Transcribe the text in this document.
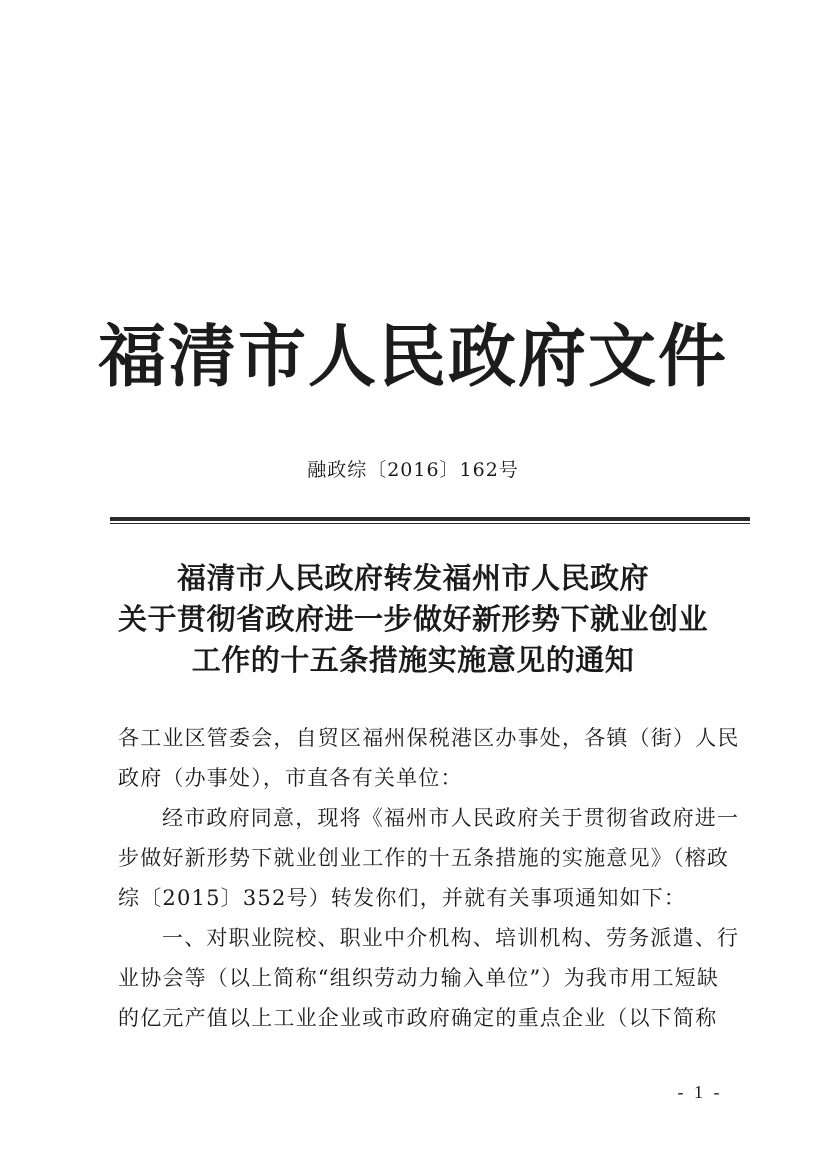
福清市人民政府文件
融政综〔2016〕162号
福清市人民政府转发福州市人民政府
关于贯彻省政府进一步做好新形势下就业创业
工作的十五条措施实施意见的通知

各工业区管委会，自贸区福州保税港区办事处，各镇（街）人民

政府（办事处），市直各有关单位：

经市政府同意，现将《福州市人民政府关于贯彻省政府进一

步做好新形势下就业创业工作的十五条措施的实施意见》（榕政

综〔2015〕352号）转发你们，并就有关事项通知如下：

一、对职业院校、职业中介机构、培训机构、劳务派遣、行

业协会等（以上简称“组织劳动力输入单位”）为我市用工短缺

的亿元产值以上工业企业或市政府确定的重点企业（以下简称

- 1 -
